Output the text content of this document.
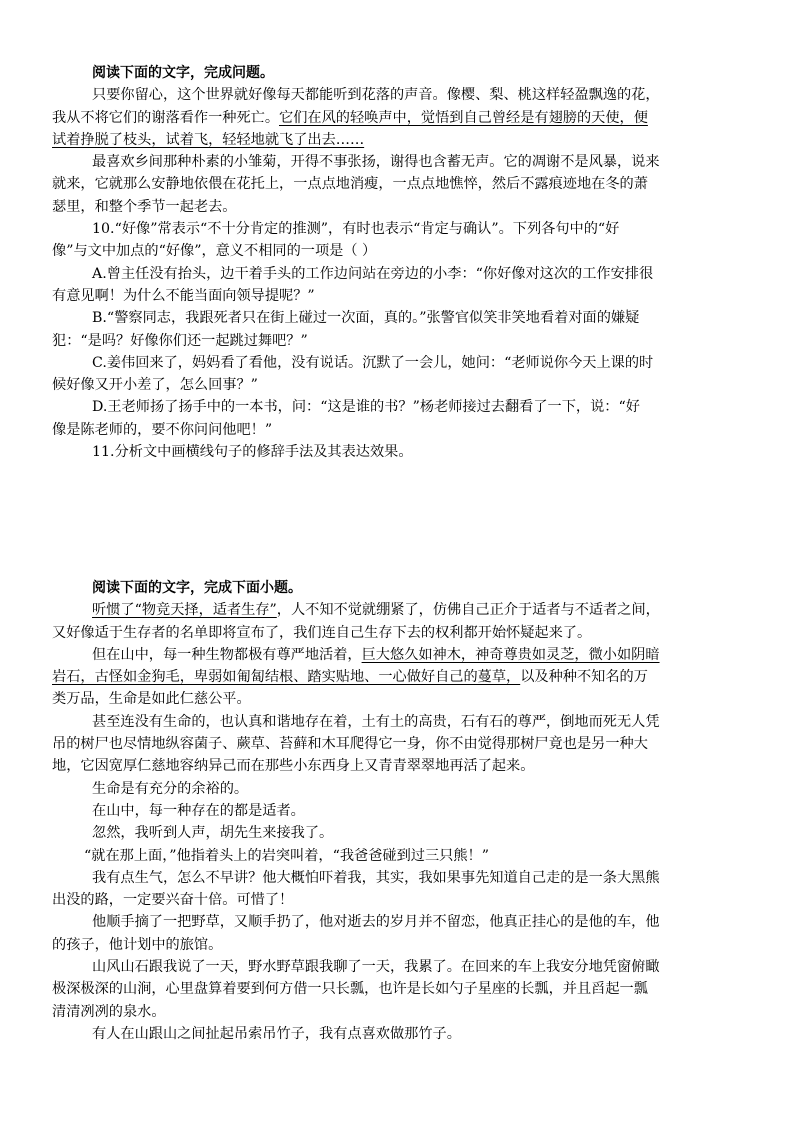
阅读下面的文字，完成问题。
只要你留心，这个世界就好像每天都能听到花落的声音。像樱、梨、桃这样轻盈飘逸的花，
我从不将它们的谢落看作一种死亡。它们在风的轻唤声中，觉悟到自己曾经是有翅膀的天使，便
试着挣脱了枝头，试着飞，轻轻地就飞了出去……
最喜欢乡间那种朴素的小雏菊，开得不事张扬，谢得也含蓄无声。它的凋谢不是风暴，说来
就来，它就那么安静地依偎在花托上，一点点地消瘦，一点点地憔悴，然后不露痕迹地在冬的萧
瑟里，和整个季节一起老去。
10.“好像”常表示“不十分肯定的推测”，有时也表示“肯定与确认”。下列各句中的“好
像”与文中加点的“好像”，意义不相同的一项是（ ）
A.曾主任没有抬头，边干着手头的工作边问站在旁边的小李：“你好像对这次的工作安排很
有意见啊！为什么不能当面向领导提呢？”
B.“警察同志，我跟死者只在街上碰过一次面，真的。”张警官似笑非笑地看着对面的嫌疑
犯：“是吗？好像你们还一起跳过舞吧？”
C.姜伟回来了，妈妈看了看他，没有说话。沉默了一会儿，她问：“老师说你今天上课的时
候好像又开小差了，怎么回事？”
D.王老师扬了扬手中的一本书，问：“这是谁的书？”杨老师接过去翻看了一下，说：“好
像是陈老师的，要不你问问他吧！”
11.分析文中画横线句子的修辞手法及其表达效果。
阅读下面的文字，完成下面小题。
听惯了“物竞天择，适者生存”，人不知不觉就绷紧了，仿佛自己正介于适者与不适者之间，
又好像适于生存者的名单即将宣布了，我们连自己生存下去的权利都开始怀疑起来了。
但在山中，每一种生物都极有尊严地活着，巨大悠久如神木，神奇尊贵如灵芝，微小如阴暗
岩石，古怪如金狗毛，卑弱如匍匐结根、踏实贴地、一心做好自己的蔓草，以及种种不知名的万
类万品，生命是如此仁慈公平。
甚至连没有生命的，也认真和谐地存在着，土有土的高贵，石有石的尊严，倒地而死无人凭
吊的树尸也尽情地纵容菌子、蕨草、苔藓和木耳爬得它一身，你不由觉得那树尸竟也是另一种大
地，它因宽厚仁慈地容纳异己而在那些小东西身上又青青翠翠地再活了起来。
生命是有充分的余裕的。
在山中，每一种存在的都是适者。
忽然，我听到人声，胡先生来接我了。
“就在那上面，”他指着头上的岩突叫着，“我爸爸碰到过三只熊！”
我有点生气，怎么不早讲？他大概怕吓着我，其实，我如果事先知道自己走的是一条大黑熊
出没的路，一定要兴奋十倍。可惜了！
他顺手摘了一把野草，又顺手扔了，他对逝去的岁月并不留恋，他真正挂心的是他的车，他
的孩子，他计划中的旅馆。
山风山石跟我说了一天，野水野草跟我聊了一天，我累了。在回来的车上我安分地凭窗俯瞰
极深极深的山涧，心里盘算着要到何方借一只长瓢，也许是长如勺子星座的长瓢，并且舀起一瓢
清清冽冽的泉水。
有人在山跟山之间扯起吊索吊竹子，我有点喜欢做那竹子。
